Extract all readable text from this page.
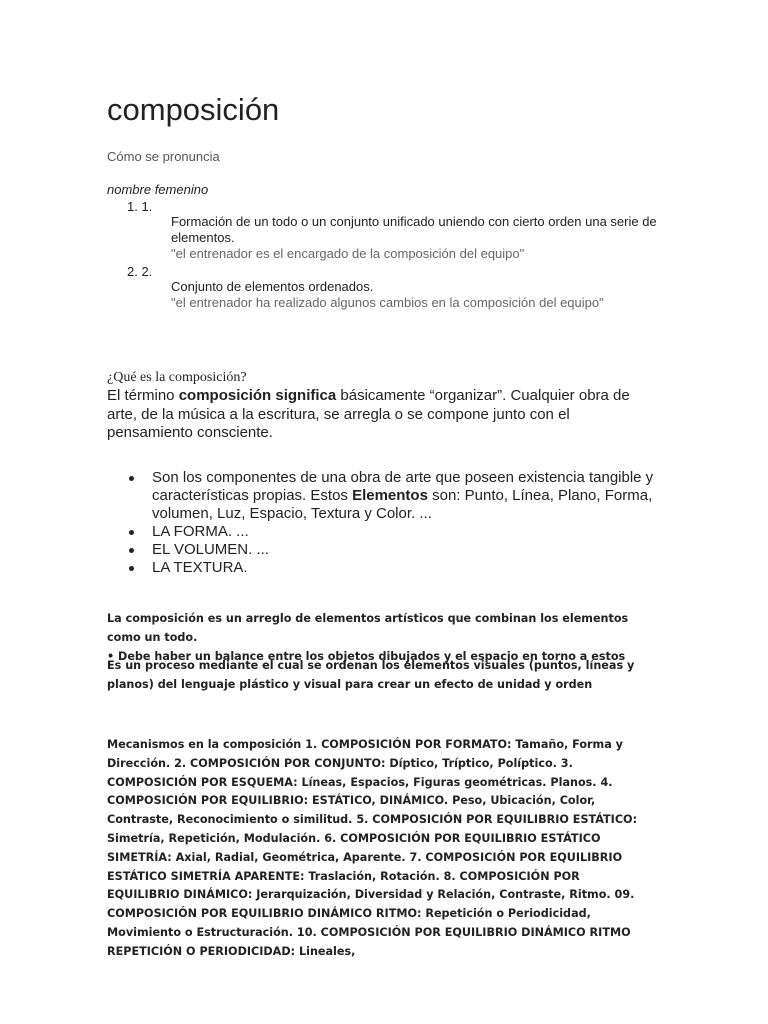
composición
Cómo se pronuncia
nombre femenino
1. 1.
Formación de un todo o un conjunto unificado uniendo con cierto orden una serie de elementos.
"el entrenador es el encargado de la composición del equipo"
2. 2.
Conjunto de elementos ordenados.
"el entrenador ha realizado algunos cambios en la composición del equipo"
¿Qué es la composición?
El término composición significa básicamente “organizar”. Cualquier obra de arte, de la música a la escritura, se arregla o se compone junto con el pensamiento consciente.
Son los componentes de una obra de arte que poseen existencia tangible y características propias. Estos Elementos son: Punto, Línea, Plano, Forma, volumen, Luz, Espacio, Textura y Color. ...
LA FORMA. ...
EL VOLUMEN. ...
LA TEXTURA.
La composición es un arreglo de elementos artísticos que combinan los elementos como un todo.
• Debe haber un balance entre los objetos dibujados y el espacio en torno a estos
Es un proceso mediante el cual se ordenan los elementos visuales (puntos, líneas y planos) del lenguaje plástico y visual para crear un efecto de unidad y orden
Mecanismos en la composición 1. COMPOSICIÓN POR FORMATO: Tamaño, Forma y Dirección. 2. COMPOSICIÓN POR CONJUNTO: Díptico, Tríptico, Políptico. 3. COMPOSICIÓN POR ESQUEMA: Líneas, Espacios, Figuras geométricas. Planos. 4. COMPOSICIÓN POR EQUILIBRIO: ESTÁTICO, DINÁMICO. Peso, Ubicación, Color, Contraste, Reconocimiento o similitud. 5. COMPOSICIÓN POR EQUILIBRIO ESTÁTICO: Simetría, Repetición, Modulación. 6. COMPOSICIÓN POR EQUILIBRIO ESTÁTICO SIMETRÍA: Axial, Radial, Geométrica, Aparente. 7. COMPOSICIÓN POR EQUILIBRIO ESTÁTICO SIMETRÍA APARENTE: Traslación, Rotación. 8. COMPOSICIÓN POR EQUILIBRIO DINÁMICO: Jerarquización, Diversidad y Relación, Contraste, Ritmo. 09. COMPOSICIÓN POR EQUILIBRIO DINÁMICO RITMO: Repetición o Periodicidad, Movimiento o Estructuración. 10. COMPOSICIÓN POR EQUILIBRIO DINÁMICO RITMO REPETICIÓN O PERIODICIDAD: Lineales,
